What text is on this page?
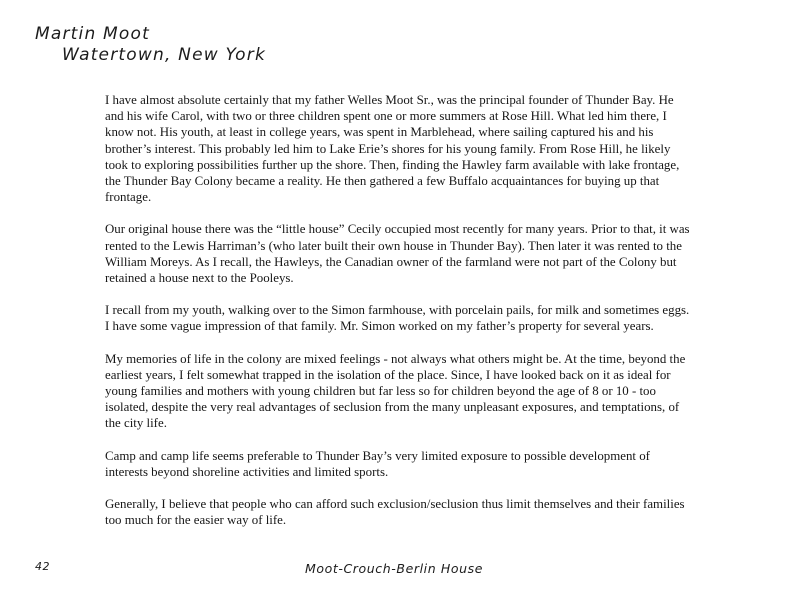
Martin Moot
Watertown, New York

I have almost absolute certainly that my father Welles Moot Sr., was the principal founder of Thunder Bay. He and his wife Carol, with two or three children spent one or more summers at Rose Hill. What led him there, I know not. His youth, at least in college years, was spent in Marblehead, where sailing captured his and his brother’s interest. This probably led him to Lake Erie’s shores for his young family. From Rose Hill, he likely took to exploring possibilities further up the shore. Then, finding the Hawley farm available with lake frontage, the Thunder Bay Colony became a reality. He then gathered a few Buffalo acquaintances for buying up that frontage.

Our original house there was the “little house” Cecily occupied most recently for many years. Prior to that, it was rented to the Lewis Harriman’s (who later built their own house in Thunder Bay). Then later it was rented to the William Moreys. As I recall, the Hawleys, the Canadian owner of the farmland were not part of the Colony but retained a house next to the Pooleys.

I recall from my youth, walking over to the Simon farmhouse, with porcelain pails, for milk and sometimes eggs. I have some vague impression of that family. Mr. Simon worked on my father’s property for several years.

My memories of life in the colony are mixed feelings - not always what others might be. At the time, beyond the earliest years, I felt somewhat trapped in the isolation of the place. Since, I have looked back on it as ideal for young families and mothers with young children but far less so for children beyond the age of 8 or 10 - too isolated, despite the very real advantages of seclusion from the many unpleasant exposures, and temptations, of the city life.

Camp and camp life seems preferable to Thunder Bay’s very limited exposure to possible development of interests beyond shoreline activities and limited sports.

Generally, I believe that people who can afford such exclusion/seclusion thus limit themselves and their families too much for the easier way of life.

42	Moot-Crouch-Berlin House
